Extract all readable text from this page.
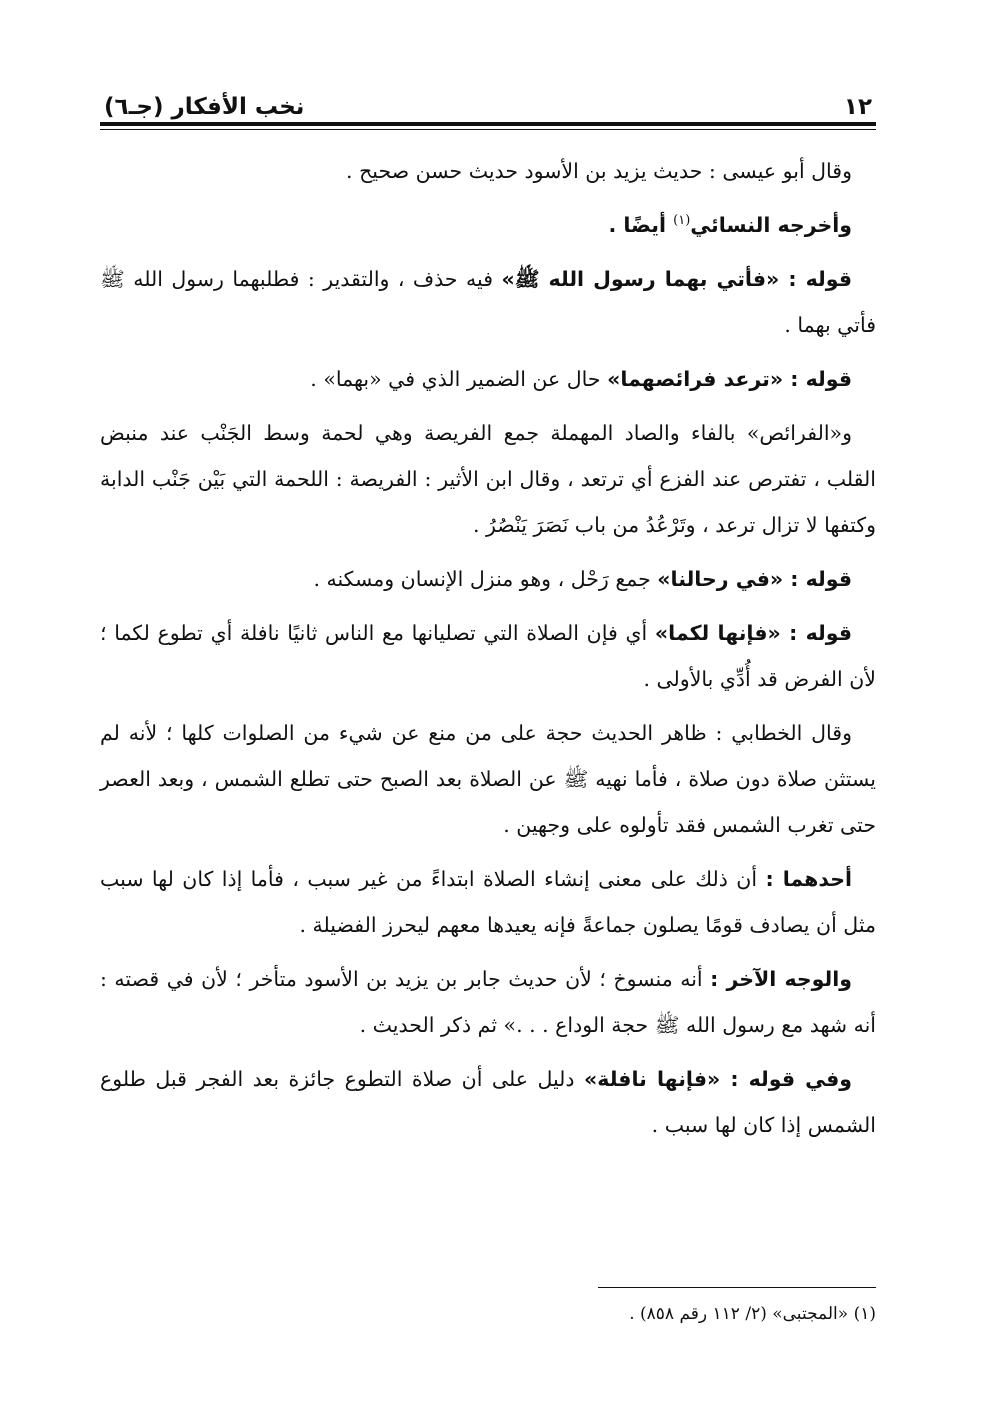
١٢
نخب الأفكار (جـ٦)

وقال أبو عيسى : حديث يزيد بن الأسود حديث حسن صحيح .

وأخرجه النسائي$^{(١)}$ أيضًا .

قوله : «فأتي بهما رسول الله ﷺ» فيه حذف ، والتقدير : فطلبهما رسول الله ﷺ فأتي بهما .

قوله : «ترعد فرائصهما» حال عن الضمير الذي في «بهما» .

و«الفرائص» بالفاء والصاد المهملة جمع الفريصة وهي لحمة وسط الجَنْب عند منبض القلب ، تفترص عند الفزع أي ترتعد ، وقال ابن الأثير : الفريصة : اللحمة التي بَيْن جَنْب الدابة وكتفها لا تزال ترعد ، وتَرْعُدُ من باب نَصَرَ يَنْصُرُ .

قوله : «في رحالنا» جمع رَحْل ، وهو منزل الإنسان ومسكنه .

قوله : «فإنها لكما» أي فإن الصلاة التي تصليانها مع الناس ثانيًا نافلة أي تطوع لكما ؛ لأن الفرض قد أُدِّي بالأولى .

وقال الخطابي : ظاهر الحديث حجة على من منع عن شيء من الصلوات كلها ؛ لأنه لم يستثن صلاة دون صلاة ، فأما نهيه ﷺ عن الصلاة بعد الصبح حتى تطلع الشمس ، وبعد العصر حتى تغرب الشمس فقد تأولوه على وجهين .

أحدهما : أن ذلك على معنى إنشاء الصلاة ابتداءً من غير سبب ، فأما إذا كان لها سبب مثل أن يصادف قومًا يصلون جماعةً فإنه يعيدها معهم ليحرز الفضيلة .

والوجه الآخر : أنه منسوخ ؛ لأن حديث جابر بن يزيد بن الأسود متأخر ؛ لأن في قصته : أنه شهد مع رسول الله ﷺ حجة الوداع . . .» ثم ذكر الحديث .

وفي قوله : «فإنها نافلة» دليل على أن صلاة التطوع جائزة بعد الفجر قبل طلوع الشمس إذا كان لها سبب .

(١) «المجتبى» (٢/ ١١٢ رقم ٨٥٨) .
